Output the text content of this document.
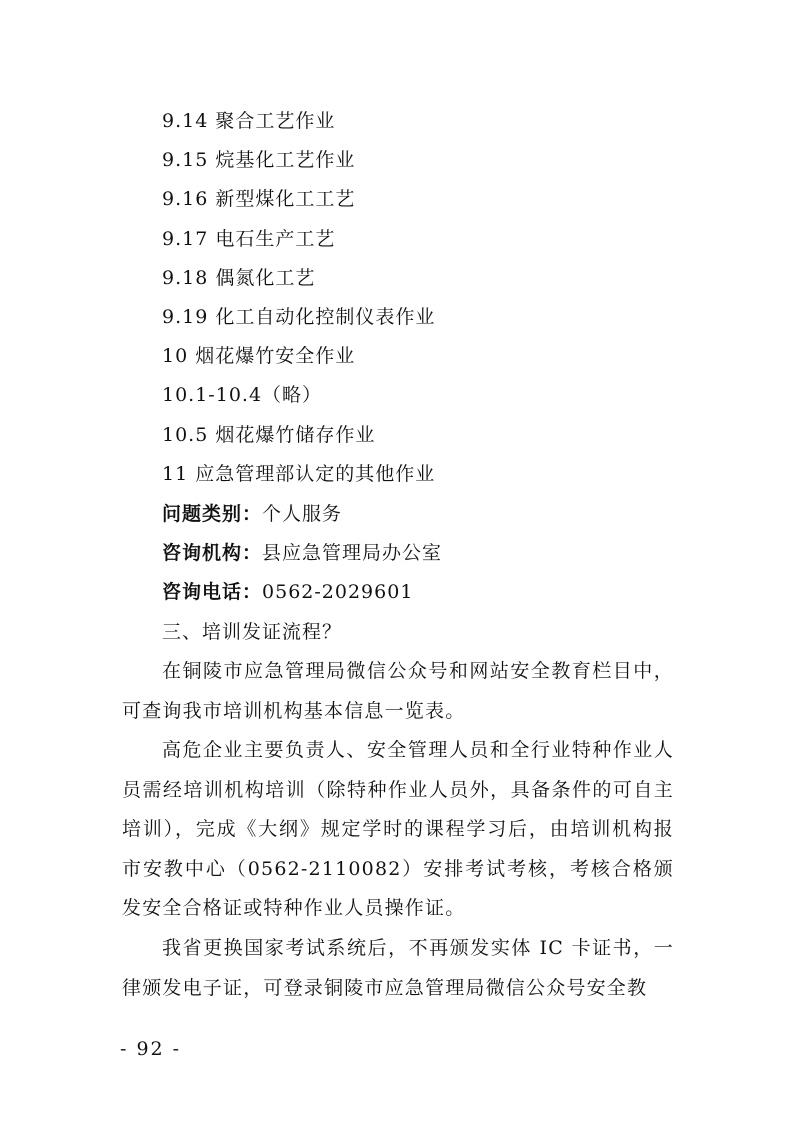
9.14 聚合工艺作业
9.15 烷基化工艺作业
9.16 新型煤化工工艺
9.17 电石生产工艺
9.18 偶氮化工艺
9.19 化工自动化控制仪表作业
10 烟花爆竹安全作业
10.1-10.4（略）
10.5 烟花爆竹储存作业
11 应急管理部认定的其他作业
问题类别：个人服务
咨询机构：县应急管理局办公室
咨询电话：0562-2029601
三、培训发证流程？
在铜陵市应急管理局微信公众号和网站安全教育栏目中，可查询我市培训机构基本信息一览表。
高危企业主要负责人、安全管理人员和全行业特种作业人员需经培训机构培训（除特种作业人员外，具备条件的可自主培训），完成《大纲》规定学时的课程学习后，由培训机构报市安教中心（0562-2110082）安排考试考核，考核合格颁发安全合格证或特种作业人员操作证。
我省更换国家考试系统后，不再颁发实体 IC 卡证书，一律颁发电子证，可登录铜陵市应急管理局微信公众号安全教
- 92 -
